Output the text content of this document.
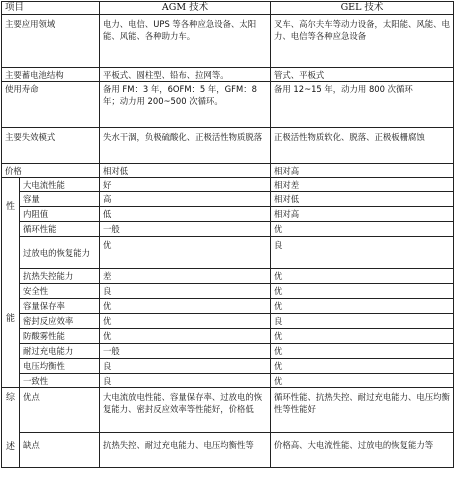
项目		AGM 技术	GEL 技术
主要应用领域		电力、电信、UPS 等各种应急设备、太阳能、风能、各种助力车。	叉车、高尔夫车等动力设备，太阳能、风能、电力、电信等各种应急设备
主要蓄电池结构		平板式、圆柱型、铅布、拉网等。	管式、平板式
使用寿命		备用 FM：3 年，6OFM：5 年，GFM：8 年；动力用 200~500 次循环。	备用 12~15 年，动力用 800 次循环
主要失效模式		失水干涸，负极硫酸化、正极活性物质脱落	正极活性物质软化、脱落、正极板栅腐蚀
价格		相对低	相对高

性
能	大电流性能	好	相对差
	容量	高	相对低
	内阻值	低	相对高
	循环性能	一般	优
	过放电的恢复能力	优	良
	抗热失控能力	差	优
	安全性	良	优
	容量保存率	优	优
	密封反应效率	优	良
	防酸雾性能	优	优
	耐过充电能力	一般	优
	电压均衡性	良	优
	一致性	良	优

综
述	优点	大电流放电性能、容量保存率、过放电的恢复能力、密封反应效率等性能好，价格低	循环性能、抗热失控、耐过充电能力、电压均衡性等性能好
	缺点	抗热失控、耐过充电能力、电压均衡性等	价格高、大电流性能、过放电的恢复能力等
